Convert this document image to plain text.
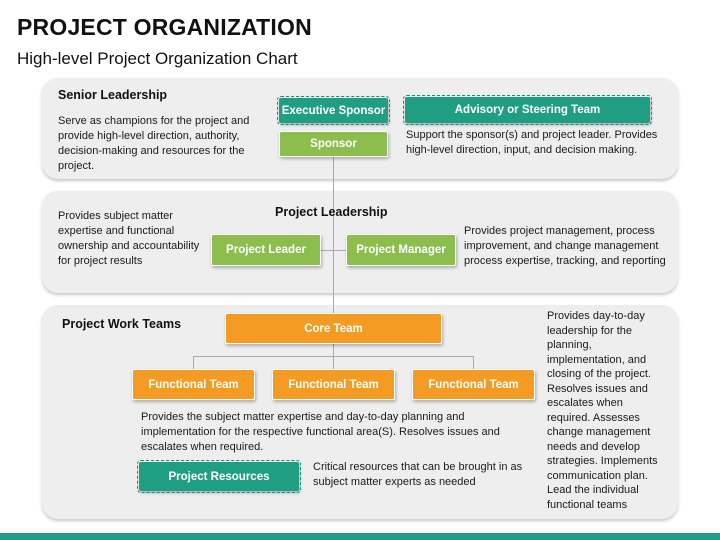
PROJECT ORGANIZATION
High-level Project Organization Chart
Senior Leadership
Serve as champions for the project and provide high-level direction, authority, decision-making and resources for the project.
Executive Sponsor
Sponsor
Advisory or Steering Team
Support the sponsor(s) and project leader. Provides high-level direction, input, and decision making.
Project Leadership
Provides subject matter expertise and functional ownership and accountability for project results
Project Leader	Project Manager
Provides project management, process improvement, and change management process expertise, tracking, and reporting
Project Work Teams	Core Team
Functional Team	Functional Team	Functional Team
Provides the subject matter expertise and day-to-day planning and implementation for the respective functional area(S). Resolves issues and escalates when required.
Project Resources
Critical resources that can be brought in as subject matter experts as needed
Provides day-to-day leadership for the planning, implementation, and closing of the project. Resolves issues and escalates when required. Assesses change management needs and develop strategies. Implements communication plan. Lead the individual functional teams
